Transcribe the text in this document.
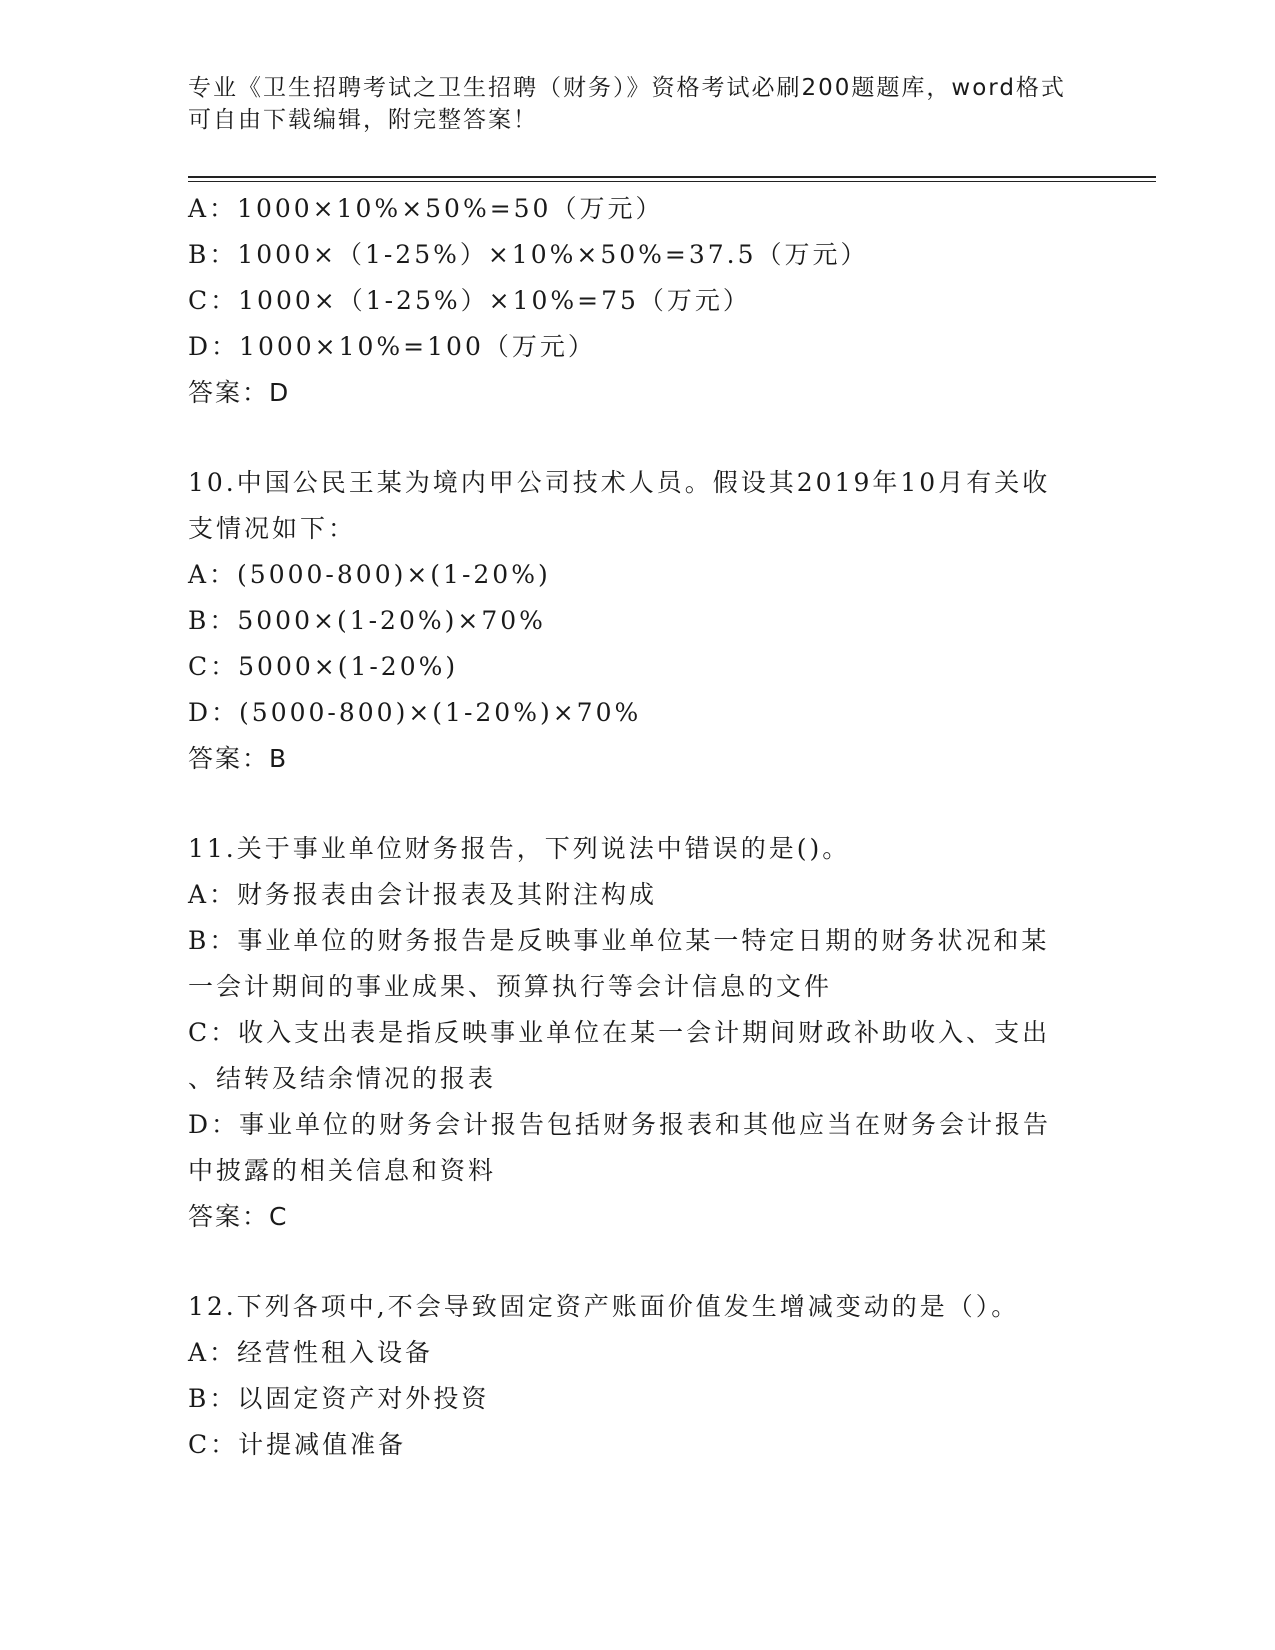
专业《卫生招聘考试之卫生招聘（财务）》资格考试必刷200题题库，word格式
可自由下载编辑，附完整答案！
A：1000×10%×50%=50（万元）
B：1000×（1-25%）×10%×50%=37.5（万元）
C：1000×（1-25%）×10%=75（万元）
D：1000×10%=100（万元）
答案：D
10.中国公民王某为境内甲公司技术人员。假设其2019年10月有关收
支情况如下：
A：(5000-800)×(1-20%)
B：5000×(1-20%)×70%
C：5000×(1-20%)
D：(5000-800)×(1-20%)×70%
答案：B
11.关于事业单位财务报告，下列说法中错误的是()。
A：财务报表由会计报表及其附注构成
B：事业单位的财务报告是反映事业单位某一特定日期的财务状况和某
一会计期间的事业成果、预算执行等会计信息的文件
C：收入支出表是指反映事业单位在某一会计期间财政补助收入、支出
、结转及结余情况的报表
D：事业单位的财务会计报告包括财务报表和其他应当在财务会计报告
中披露的相关信息和资料
答案：C
12.下列各项中,不会导致固定资产账面价值发生增减变动的是（）。
A：经营性租入设备
B：以固定资产对外投资
C：计提减值准备
